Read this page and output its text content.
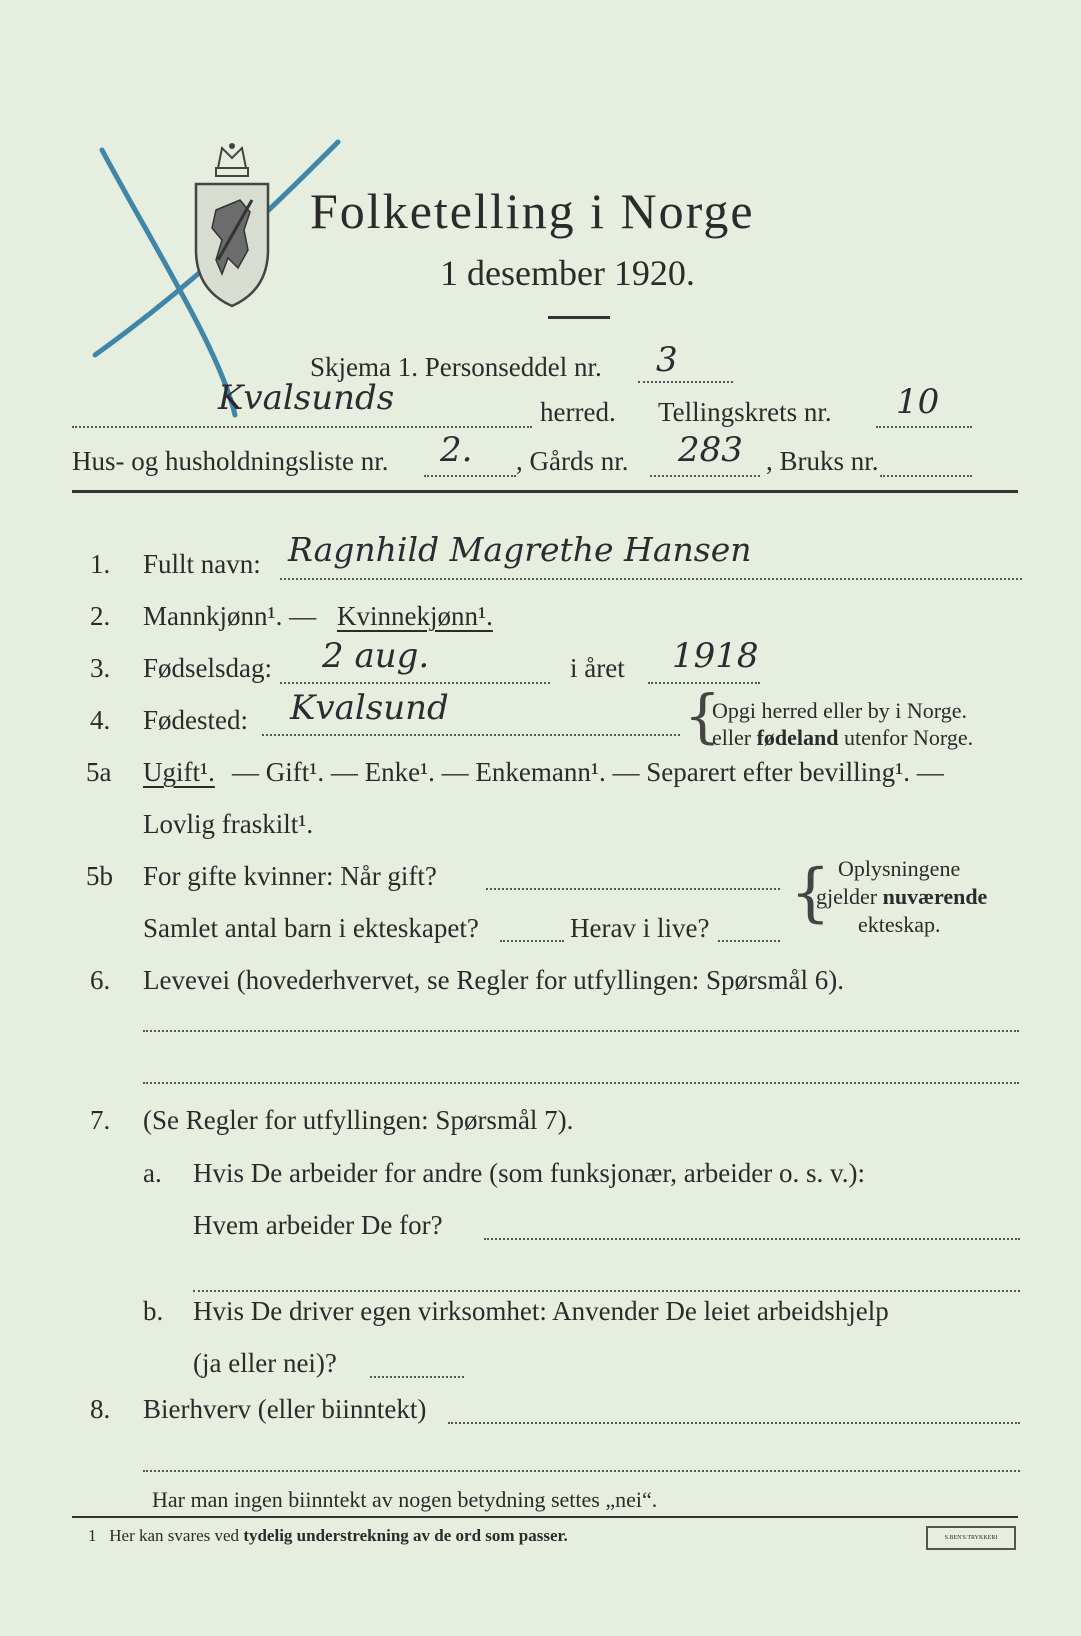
Folketelling i Norge
1 desember 1920.
Skjema 1. Personseddel nr. 3
Kvalsunds	herred. Tellingskrets nr. 10
Hus- og husholdningsliste nr. 2. , Gårds nr. 283 , Bruks nr.
1. Fullt navn: Ragnhild Magrethe Hansen
2. Mannkjønn¹. — Kvinnekjønn¹.
3. Fødselsdag: 2 aug.	i året 1918
4. Fødested: Kvalsund	{
Opgi herred eller by i Norge.
eller fødeland utenfor Norge.
5a Ugift¹. — Gift¹. — Enke¹. — Enkemann¹. — Separert efter bevilling¹. —
Lovlig fraskilt¹.
5b For gifte kvinner: Når gift?
Samlet antal barn i ekteskapet?	Herav i live? { Oplysningene
gjelder nuværende
ekteskap.
6. Levevei (hovederhvervet, se Regler for utfyllingen: Spørsmål 6).
7. (Se Regler for utfyllingen: Spørsmål 7).
a. Hvis De arbeider for andre (som funksjonær, arbeider o. s. v.):
Hvem arbeider De for?
b. Hvis De driver egen virksomhet: Anvender De leiet arbeidshjelp
(ja eller nei)?
8. Bierhverv (eller biinntekt)
Har man ingen biinntekt av nogen betydning settes „nei“.
1 Her kan svares ved tydelig understrekning av de ord som passer.	S.BEN'S TRYKKERI
